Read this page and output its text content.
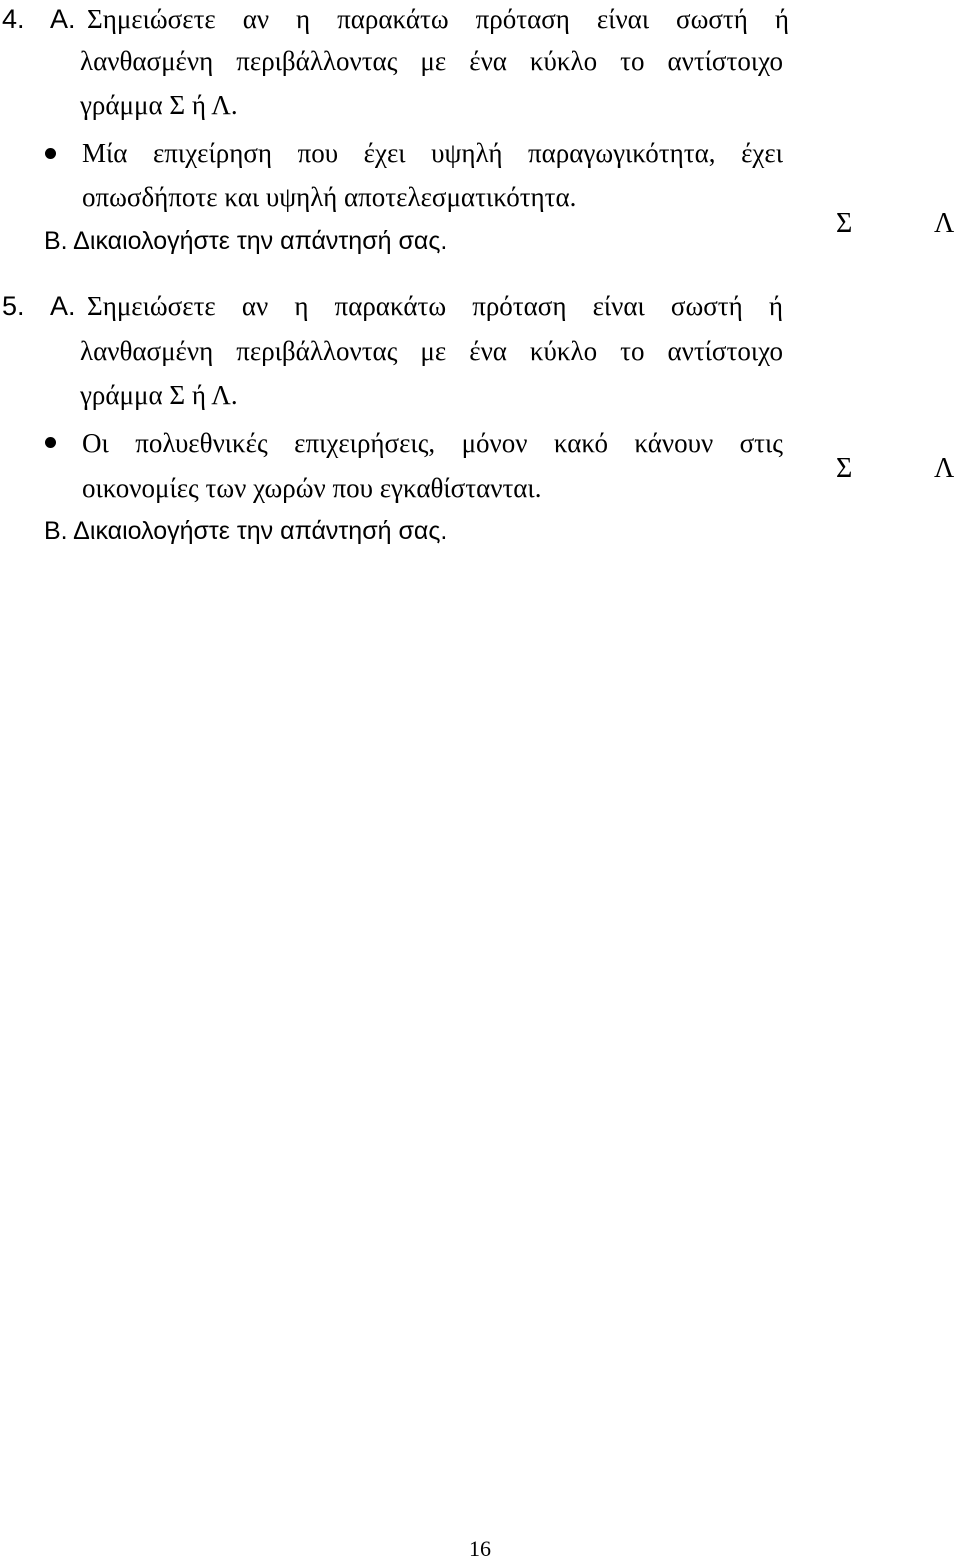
4. Α. Σημειώσετε αν η παρακάτω πρόταση είναι σωστή ή
λανθασμένη περιβάλλοντας με ένα κύκλο το αντίστοιχο
γράμμα Σ ή Λ.
Μία επιχείρηση που έχει υψηλή παραγωγικότητα, έχει
οπωσδήποτε και υψηλή αποτελεσματικότητα.
Β. Δικαιολογήστε την απάντησή σας.
Σ	Λ
5. Α. Σημειώσετε αν η παρακάτω πρόταση είναι σωστή ή
λανθασμένη περιβάλλοντας με ένα κύκλο το αντίστοιχο
γράμμα Σ ή Λ.
Οι πολυεθνικές επιχειρήσεις, μόνον κακό κάνουν στις
οικονομίες των χωρών που εγκαθίστανται.
Β. Δικαιολογήστε την απάντησή σας.
Σ	Λ
16
